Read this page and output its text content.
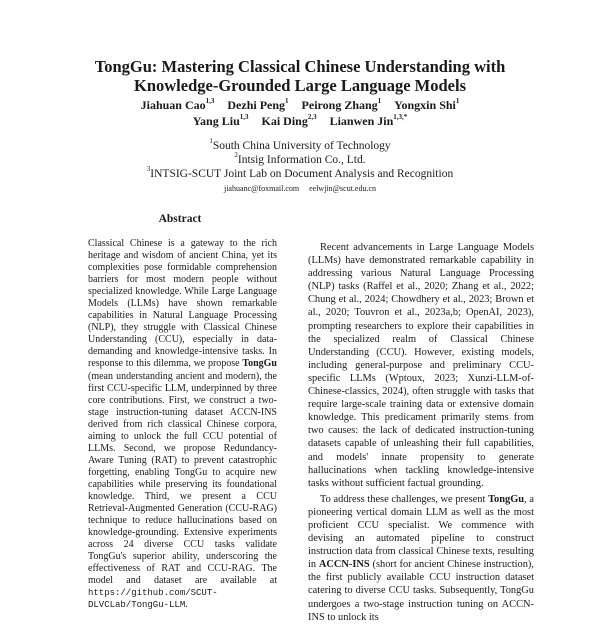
TongGu: Mastering Classical Chinese Understanding with
Knowledge-Grounded Large Language Models
Jiahuan Cao$^{1,3}$ Dezhi Peng$^1$ Peirong Zhang$^1$ Yongxin Shi$^1$
Yang Liu$^{1,3}$ Kai Ding$^{2,3}$ Lianwen Jin$^{1,3,*}$
$^1$South China University of Technology
$^2$Intsig Information Co., Ltd.
$^3$INTSIG-SCUT Joint Lab on Document Analysis and Recognition
jiahuanc@foxmail.com eelwjin@scut.edu.cn
Abstract
Classical Chinese is a gateway to the rich heritage and wisdom of ancient China, yet its complexities pose formidable comprehension barriers for most modern people without specialized knowledge. While Large Language Models (LLMs) have shown remarkable capabilities in Natural Language Processing (NLP), they struggle with Classical Chinese Understanding (CCU), especially in data-demanding and knowledge-intensive tasks. In response to this dilemma, we propose TongGu (mean understanding ancient and modern), the first CCU-specific LLM, underpinned by three core contributions. First, we construct a two-stage instruction-tuning dataset ACCN-INS derived from rich classical Chinese corpora, aiming to unlock the full CCU potential of LLMs. Second, we propose Redundancy-Aware Tuning (RAT) to prevent catastrophic forgetting, enabling TongGu to acquire new capabilities while preserving its foundational knowledge. Third, we present a CCU Retrieval-Augmented Generation (CCU-RAG) technique to reduce hallucinations based on knowledge-grounding. Extensive experiments across 24 diverse CCU tasks validate TongGu's superior ability, underscoring the effectiveness of RAT and CCU-RAG. The model and dataset are available at https://github.com/SCUT-DLVCLab/TongGu-LLM.

Recent advancements in Large Language Models (LLMs) have demonstrated remarkable capability in addressing various Natural Language Processing (NLP) tasks (Raffel et al., 2020; Zhang et al., 2022; Chung et al., 2024; Chowdhery et al., 2023; Brown et al., 2020; Touvron et al., 2023a,b; OpenAI, 2023), prompting researchers to explore their capabilities in the specialized realm of Classical Chinese Understanding (CCU). However, existing models, including general-purpose and preliminary CCU-specific LLMs (Wptoux, 2023; Xunzi-LLM-of-Chinese-classics, 2024), often struggle with tasks that require large-scale training data or extensive domain knowledge. This predicament primarily stems from two causes: the lack of dedicated instruction-tuning datasets capable of unleashing their full capabilities, and models' innate propensity to generate hallucinations when tackling knowledge-intensive tasks without sufficient factual grounding.

To address these challenges, we present TongGu, a pioneering vertical domain LLM as well as the most proficient CCU specialist. We commence with devising an automated pipeline to construct instruction data from classical Chinese texts, resulting in ACCN-INS (short for ancient Chinese instruction), the first publicly available CCU instruction dataset catering to diverse CCU tasks. Subsequently, TongGu undergoes a two-stage instruction tuning on ACCN-INS to unlock its
